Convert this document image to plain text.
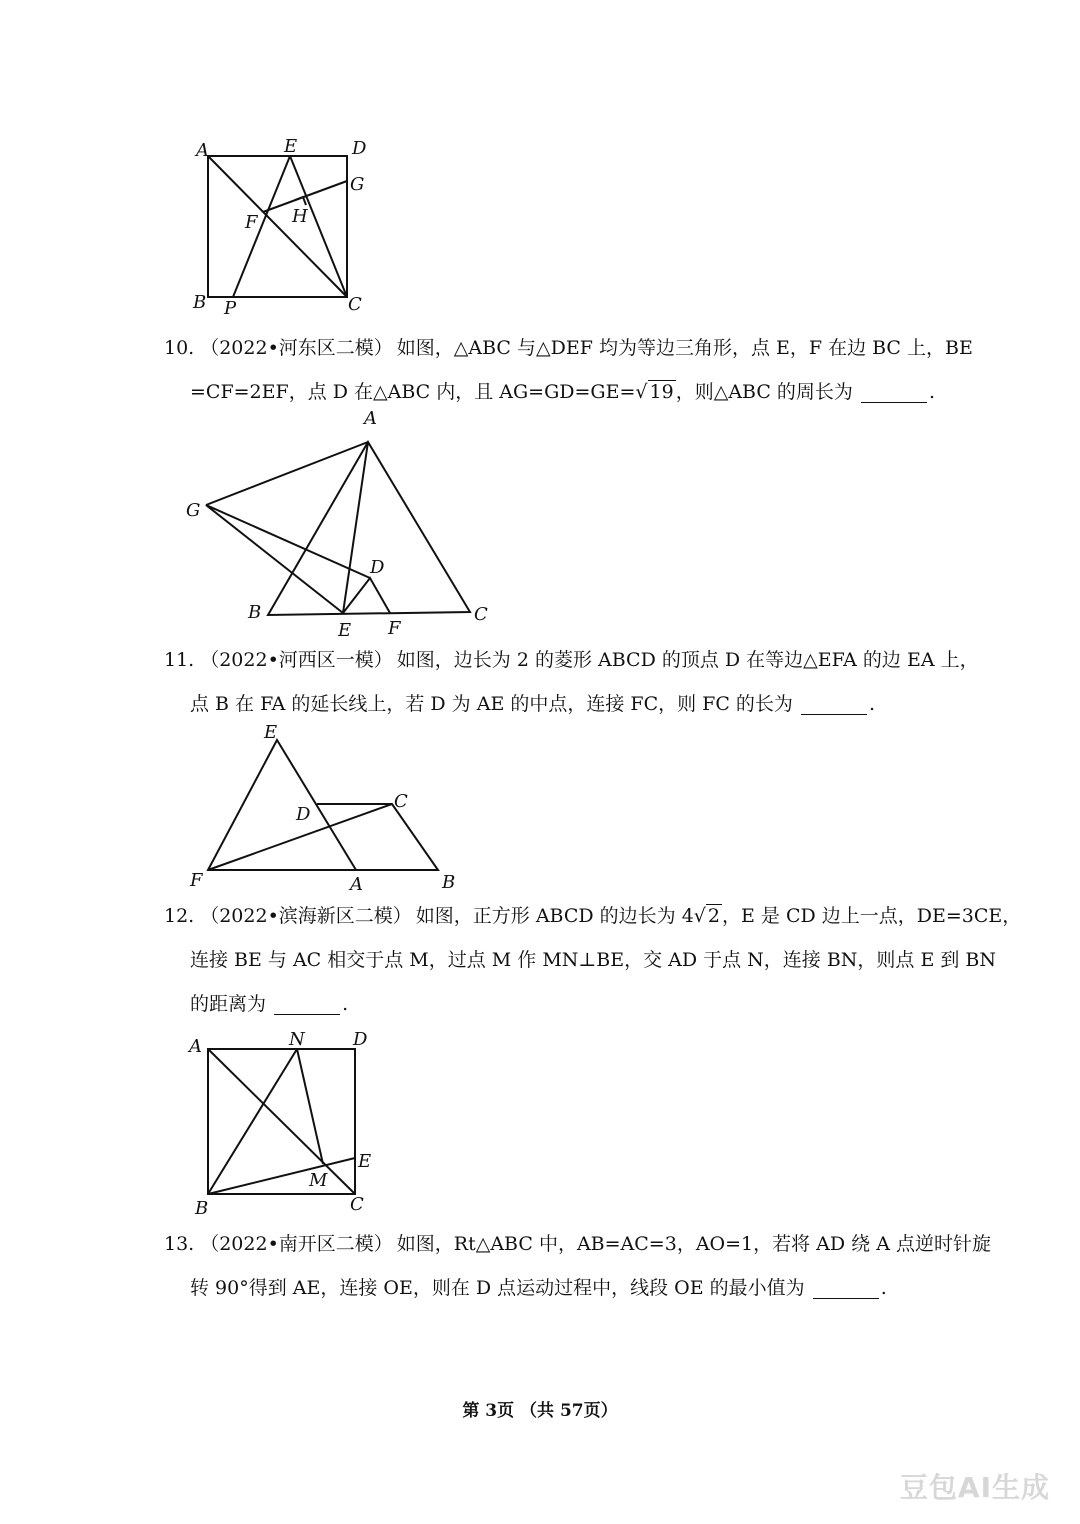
A	E	D
G
F H
B P	C
10. （2022•河东区二模） 如图，△ABC 与△DEF 均为等边三角形，点 E，F 在边 BC 上，BE
=CF=2EF，点 D 在△ABC 内，且 AG=GD=GE=√ 19 ，则△ABC 的周长为	.
A
G
D
B
E F
C
11. （2022•河西区一模） 如图，边长为 2 的菱形 ABCD 的顶点 D 在等边△EFA 的边 EA 上，
点 B 在 FA 的延长线上，若 D 为 AE 的中点，连接 FC，则 FC 的长为	.
E
C
D
F	A	B
12. （2022•滨海新区二模） 如图，正方形 ABCD 的边长为 4√ 2 ，E 是 CD 边上一点，DE=3CE，
连接 BE 与 AC 相交于点 M，过点 M 作 MN⊥BE，交 AD 于点 N，连接 BN，则点 E 到 BN
的距离为	.
A	N	D
E
M
B	C
13. （2022•南开区二模） 如图，Rt△ABC 中，AB=AC=3，AO=1，若将 AD 绕 A 点逆时针旋
转 90°得到 AE，连接 OE，则在 D 点运动过程中，线段 OE 的最小值为	.
第 3页 （共 57页）
豆包AI生成
